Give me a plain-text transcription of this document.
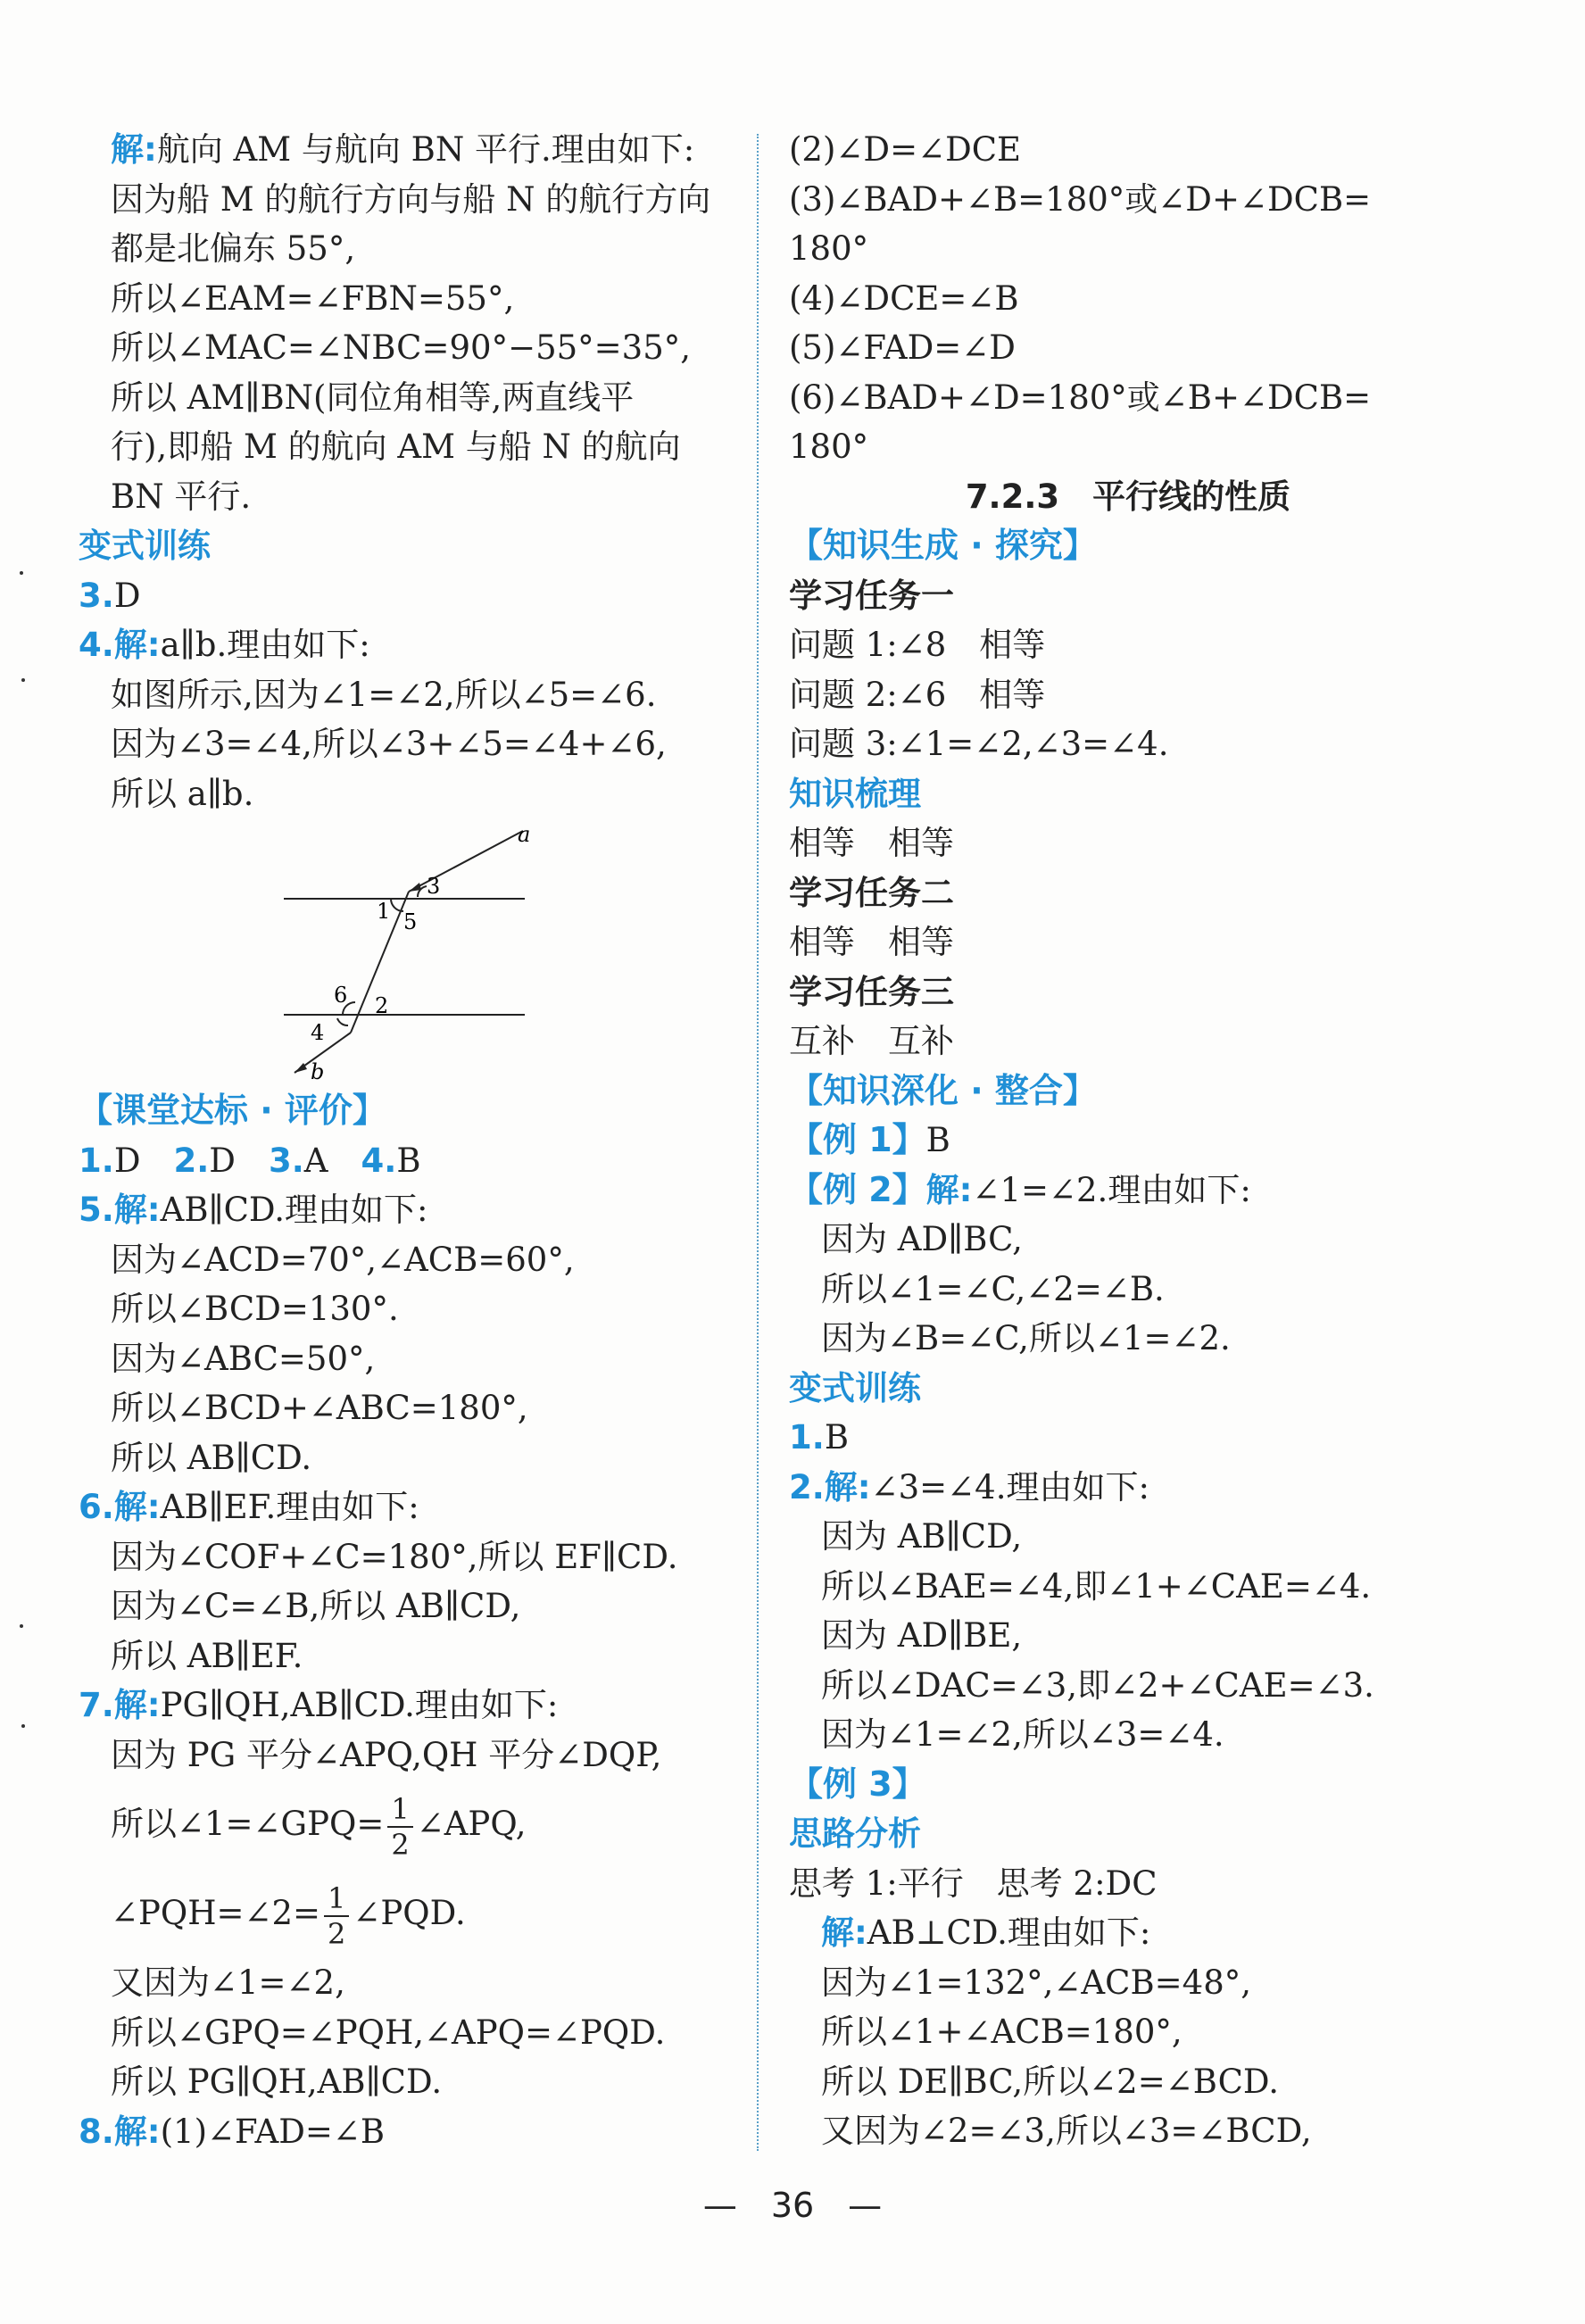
解:航向 AM 与航向 BN 平行.理由如下:
因为船 M 的航行方向与船 N 的航行方向
都是北偏东 55°,
所以∠EAM=∠FBN=55°,
所以∠MAC=∠NBC=90°−55°=35°,
所以 AM∥BN(同位角相等,两直线平
行),即船 M 的航向 AM 与船 N 的航向
BN 平行.
变式训练
3.D
4.解:a∥b.理由如下:
如图所示,因为∠1=∠2,所以∠5=∠6.
因为∠3=∠4,所以∠3+∠5=∠4+∠6,
所以 a∥b.
a
3
1 5
6 2
4
b
【课堂达标 · 评价】
1.D  2.D  3.A  4.B
5.解:AB∥CD.理由如下:
因为∠ACD=70°,∠ACB=60°,
所以∠BCD=130°.
因为∠ABC=50°,
所以∠BCD+∠ABC=180°,
所以 AB∥CD.
6.解:AB∥EF.理由如下:
因为∠COF+∠C=180°,所以 EF∥CD.
因为∠C=∠B,所以 AB∥CD,
所以 AB∥EF.
7.解:PG∥QH,AB∥CD.理由如下:
因为 PG 平分∠APQ,QH 平分∠DQP,
所以∠1=∠GPQ= $\frac{1}{2}$ ∠APQ,
∠PQH=∠2= $\frac{1}{2}$ ∠PQD.
又因为∠1=∠2,
所以∠GPQ=∠PQH,∠APQ=∠PQD.
所以 PG∥QH,AB∥CD.
8.解:(1)∠FAD=∠B
(2)∠D=∠DCE
(3)∠BAD+∠B=180°或∠D+∠DCB=
180°
(4)∠DCE=∠B
(5)∠FAD=∠D
(6)∠BAD+∠D=180°或∠B+∠DCB=
180°
7.2.3　平行线的性质
【知识生成 · 探究】
学习任务一
问题 1:∠8　相等
问题 2:∠6　相等
问题 3:∠1=∠2,∠3=∠4.
知识梳理
相等　相等
学习任务二
相等　相等
学习任务三
互补　互补
【知识深化 · 整合】
【例 1】B
【例 2】解:∠1=∠2.理由如下:
因为 AD∥BC,
所以∠1=∠C,∠2=∠B.
因为∠B=∠C,所以∠1=∠2.
变式训练
1.B
2.解:∠3=∠4.理由如下:
因为 AB∥CD,
所以∠BAE=∠4,即∠1+∠CAE=∠4.
因为 AD∥BE,
所以∠DAC=∠3,即∠2+∠CAE=∠3.
因为∠1=∠2,所以∠3=∠4.
【例 3】
思路分析
思考 1:平行　思考 2:DC
解:AB⊥CD.理由如下:
因为∠1=132°,∠ACB=48°,
所以∠1+∠ACB=180°,
所以 DE∥BC,所以∠2=∠BCD.
又因为∠2=∠3,所以∠3=∠BCD,
—　36　—
